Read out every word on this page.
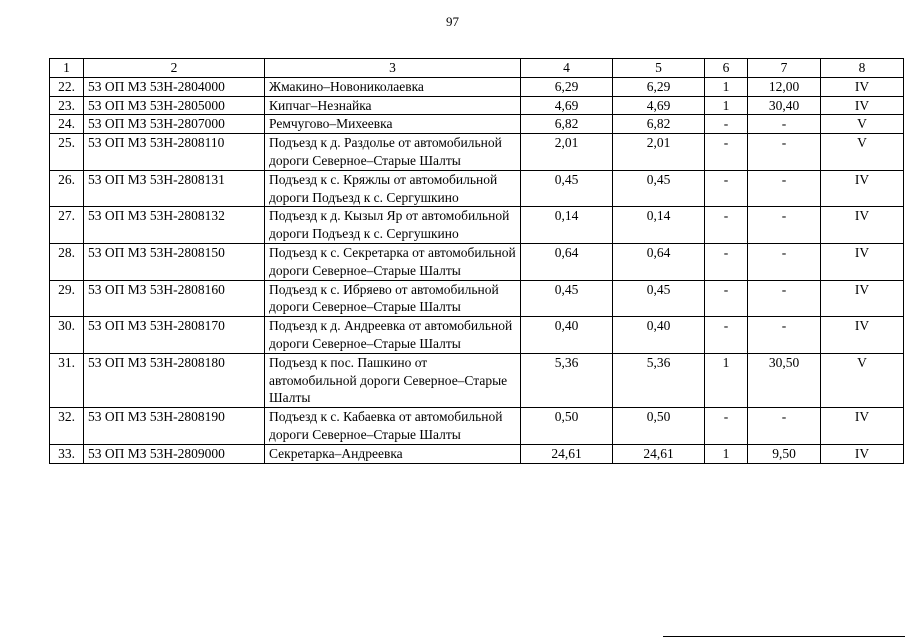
97
1	2	3	4	5	6	7	8
22.	53 ОП МЗ 53Н-2804000	Жмакино–Новониколаевка	6,29	6,29	1	12,00	IV
23.	53 ОП МЗ 53Н-2805000	Кипчаг–Незнайка	4,69	4,69	1	30,40	IV
24.	53 ОП МЗ 53Н-2807000	Ремчугово–Михеевка	6,82	6,82	-	-	V
25.	53 ОП МЗ 53Н-2808110	Подъезд к д. Раздолье от автомобильной дороги Северное–Старые Шалты	2,01	2,01	-	-	V
26.	53 ОП МЗ 53Н-2808131	Подъезд к с. Кряжлы от автомобильной дороги Подъезд к с. Сергушкино	0,45	0,45	-	-	IV
27.	53 ОП МЗ 53Н-2808132	Подъезд к д. Кызыл Яр от автомобильной дороги Подъезд к с. Сергушкино	0,14	0,14	-	-	IV
28.	53 ОП МЗ 53Н-2808150	Подъезд к с. Секретарка от автомобильной дороги Северное–Старые Шалты	0,64	0,64	-	-	IV
29.	53 ОП МЗ 53Н-2808160	Подъезд к с. Ибряево от автомобильной дороги Северное–Старые Шалты	0,45	0,45	-	-	IV
30.	53 ОП МЗ 53Н-2808170	Подъезд к д. Андреевка от автомобильной дороги Северное–Старые Шалты	0,40	0,40	-	-	IV
31.	53 ОП МЗ 53Н-2808180	Подъезд к пос. Пашкино от автомобильной дороги Северное–Старые Шалты	5,36	5,36	1	30,50	V
32.	53 ОП МЗ 53Н-2808190	Подъезд к с. Кабаевка от автомобильной дороги Северное–Старые Шалты	0,50	0,50	-	-	IV
33.	53 ОП МЗ 53Н-2809000	Секретарка–Андреевка	24,61	24,61	1	9,50	IV
